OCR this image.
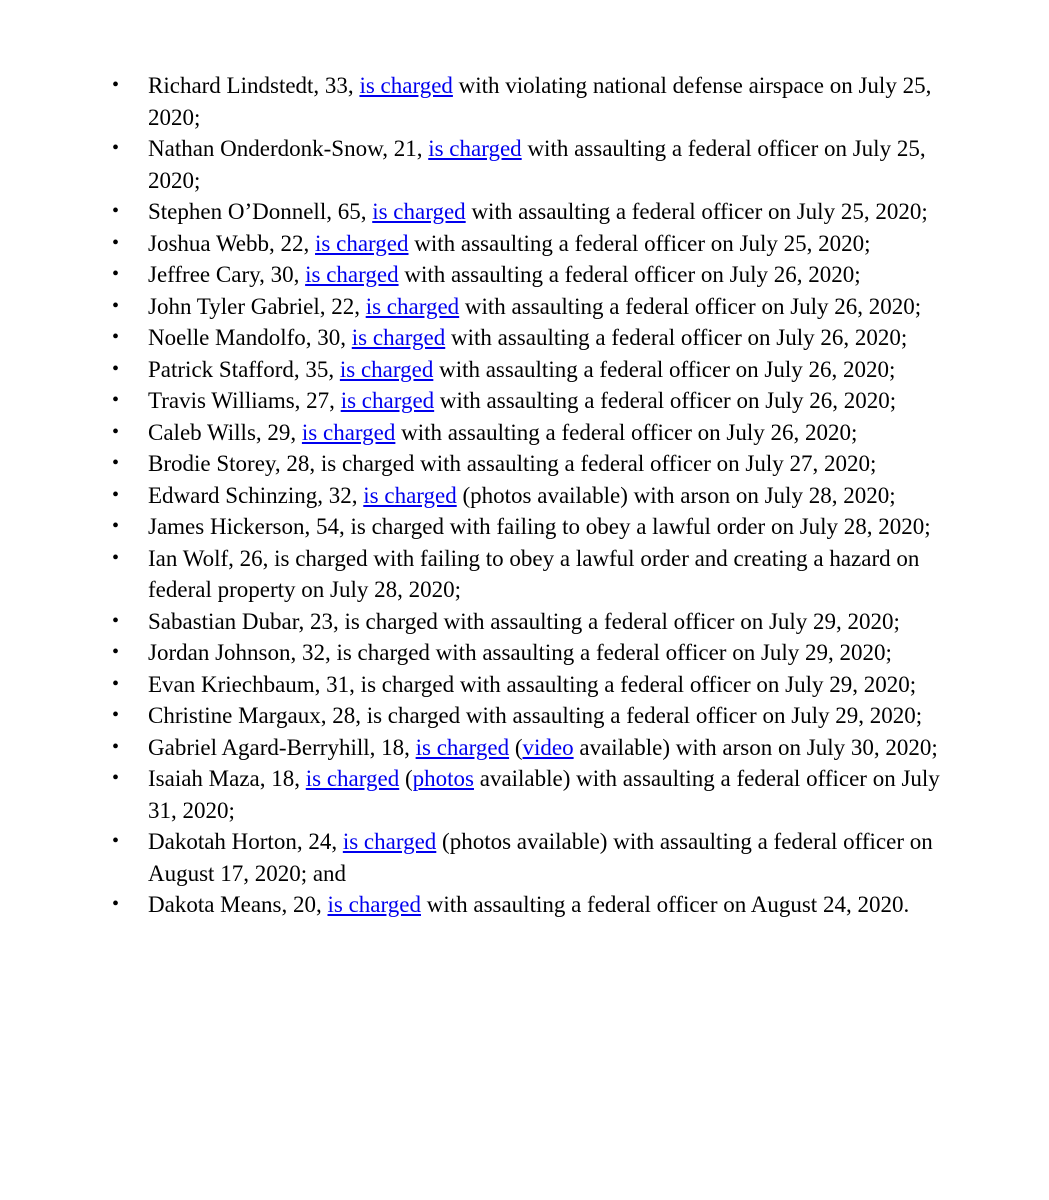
• Richard Lindstedt, 33, is charged with violating national defense airspace on July 25, 2020;
• Nathan Onderdonk-Snow, 21, is charged with assaulting a federal officer on July 25, 2020;
• Stephen O’Donnell, 65, is charged with assaulting a federal officer on July 25, 2020;
• Joshua Webb, 22, is charged with assaulting a federal officer on July 25, 2020;
• Jeffree Cary, 30, is charged with assaulting a federal officer on July 26, 2020;
• John Tyler Gabriel, 22, is charged with assaulting a federal officer on July 26, 2020;
• Noelle Mandolfo, 30, is charged with assaulting a federal officer on July 26, 2020;
• Patrick Stafford, 35, is charged with assaulting a federal officer on July 26, 2020;
• Travis Williams, 27, is charged with assaulting a federal officer on July 26, 2020;
• Caleb Wills, 29, is charged with assaulting a federal officer on July 26, 2020;
• Brodie Storey, 28, is charged with assaulting a federal officer on July 27, 2020;
• Edward Schinzing, 32, is charged (photos available) with arson on July 28, 2020;
• James Hickerson, 54, is charged with failing to obey a lawful order on July 28, 2020;
• Ian Wolf, 26, is charged with failing to obey a lawful order and creating a hazard on federal property on July 28, 2020;
• Sabastian Dubar, 23, is charged with assaulting a federal officer on July 29, 2020;
• Jordan Johnson, 32, is charged with assaulting a federal officer on July 29, 2020;
• Evan Kriechbaum, 31, is charged with assaulting a federal officer on July 29, 2020;
• Christine Margaux, 28, is charged with assaulting a federal officer on July 29, 2020;
• Gabriel Agard-Berryhill, 18, is charged (video available) with arson on July 30, 2020;
• Isaiah Maza, 18, is charged (photos available) with assaulting a federal officer on July 31, 2020;
• Dakotah Horton, 24, is charged (photos available) with assaulting a federal officer on August 17, 2020; and
• Dakota Means, 20, is charged with assaulting a federal officer on August 24, 2020.
